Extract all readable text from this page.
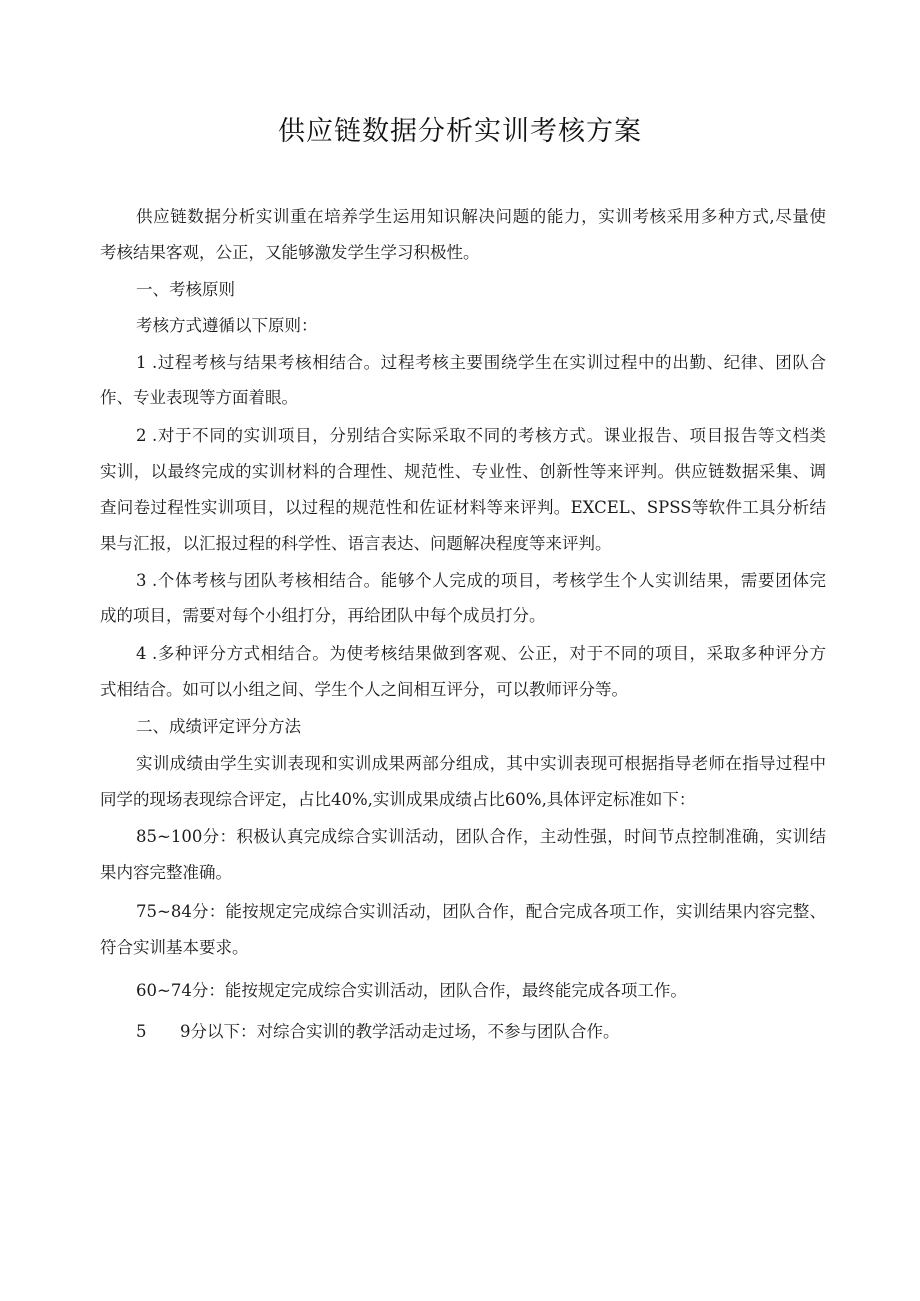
供应链数据分析实训考核方案
供应链数据分析实训重在培养学生运用知识解决问题的能力，实训考核采用多种方式,尽量使
考核结果客观，公正，又能够激发学生学习积极性。
一、考核原则
考核方式遵循以下原则：
1 .过程考核与结果考核相结合。过程考核主要围绕学生在实训过程中的出勤、纪律、团队合
作、专业表现等方面着眼。
2 .对于不同的实训项目，分别结合实际采取不同的考核方式。课业报告、项目报告等文档类
实训，以最终完成的实训材料的合理性、规范性、专业性、创新性等来评判。供应链数据采集、调
查问卷过程性实训项目，以过程的规范性和佐证材料等来评判。EXCEL、SPSS等软件工具分析结
果与汇报，以汇报过程的科学性、语言表达、问题解决程度等来评判。
3 .个体考核与团队考核相结合。能够个人完成的项目，考核学生个人实训结果，需要团体完
成的项目，需要对每个小组打分，再给团队中每个成员打分。
4 .多种评分方式相结合。为使考核结果做到客观、公正，对于不同的项目，采取多种评分方
式相结合。如可以小组之间、学生个人之间相互评分，可以教师评分等。
二、成绩评定评分方法
实训成绩由学生实训表现和实训成果两部分组成，其中实训表现可根据指导老师在指导过程中
同学的现场表现综合评定，占比40%,实训成果成绩占比60%,具体评定标准如下：
85~100分：积极认真完成综合实训活动，团队合作，主动性强，时间节点控制准确，实训结
果内容完整准确。
75~84分：能按规定完成综合实训活动，团队合作，配合完成各项工作，实训结果内容完整、
符合实训基本要求。
60~74分：能按规定完成综合实训活动，团队合作，最终能完成各项工作。
5 9分以下：对综合实训的教学活动走过场，不参与团队合作。
